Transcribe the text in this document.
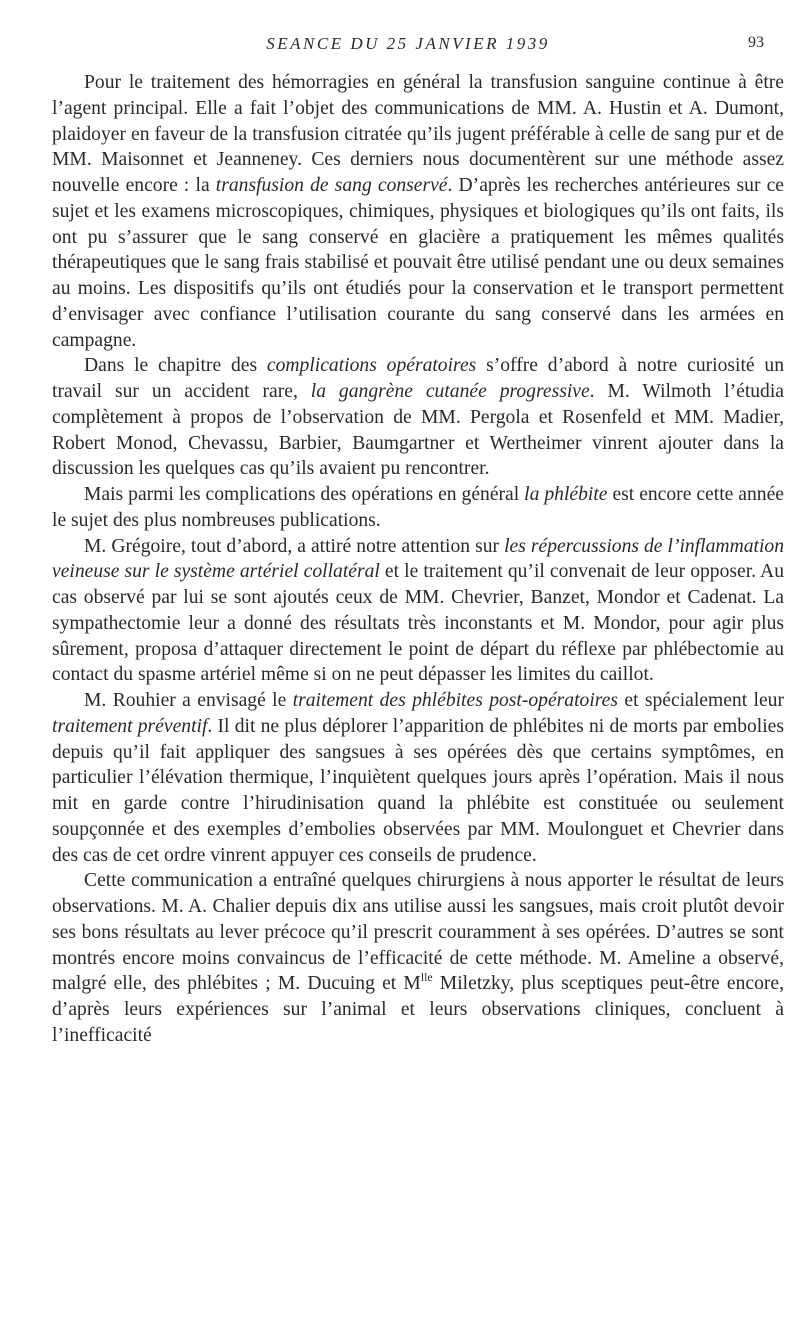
SEANCE DU 25 JANVIER 1939	93

Pour le traitement des hémorragies en général la transfusion sanguine continue à être l’agent principal. Elle a fait l’objet des communications de MM. A. Hustin et A. Dumont, plaidoyer en faveur de la transfusion citratée qu’ils jugent préférable à celle de sang pur et de MM. Maisonnet et Jeanneney. Ces derniers nous documentèrent sur une méthode assez nouvelle encore : la transfusion de sang conservé. D’après les recherches antérieures sur ce sujet et les examens microscopiques, chimiques, physiques et biologiques qu’ils ont faits, ils ont pu s’assurer que le sang conservé en glacière a pratiquement les mêmes qualités thérapeutiques que le sang frais stabilisé et pouvait être utilisé pendant une ou deux semaines au moins. Les dispositifs qu’ils ont étudiés pour la conservation et le transport permettent d’envisager avec confiance l’utilisation courante du sang conservé dans les armées en campagne.

Dans le chapitre des complications opératoires s’offre d’abord à notre curiosité un travail sur un accident rare, la gangrène cutanée progressive. M. Wilmoth l’étudia complètement à propos de l’observation de MM. Pergola et Rosenfeld et MM. Madier, Robert Monod, Chevassu, Barbier, Baumgartner et Wertheimer vinrent ajouter dans la discussion les quelques cas qu’ils avaient pu rencontrer.

Mais parmi les complications des opérations en général la phlébite est encore cette année le sujet des plus nombreuses publications.

M. Grégoire, tout d’abord, a attiré notre attention sur les répercussions de l’inflammation veineuse sur le système artériel collatéral et le traitement qu’il convenait de leur opposer. Au cas observé par lui se sont ajoutés ceux de MM. Chevrier, Banzet, Mondor et Cadenat. La sympathectomie leur a donné des résultats très inconstants et M. Mondor, pour agir plus sûrement, proposa d’attaquer directement le point de départ du réflexe par phlébectomie au contact du spasme artériel même si on ne peut dépasser les limites du caillot.

M. Rouhier a envisagé le traitement des phlébites post-opératoires et spécialement leur traitement préventif. Il dit ne plus déplorer l’apparition de phlébites ni de morts par embolies depuis qu’il fait appliquer des sangsues à ses opérées dès que certains symptômes, en particulier l’élévation thermique, l’inquiètent quelques jours après l’opération. Mais il nous mit en garde contre l’hirudinisation quand la phlébite est constituée ou seulement soupçonnée et des exemples d’embolies observées par MM. Moulonguet et Chevrier dans des cas de cet ordre vinrent appuyer ces conseils de prudence.

Cette communication a entraîné quelques chirurgiens à nous apporter le résultat de leurs observations. M. A. Chalier depuis dix ans utilise aussi les sangsues, mais croit plutôt devoir ses bons résultats au lever précoce qu’il prescrit couramment à ses opérées. D’autres se sont montrés encore moins convaincus de l’efficacité de cette méthode. M. Ameline a observé, malgré elle, des phlébites ; M. Ducuing et $M^{lle}$ Miletzky, plus sceptiques peut-être encore, d’après leurs expériences sur l’animal et leurs observations cliniques, concluent à l’inefficacité
